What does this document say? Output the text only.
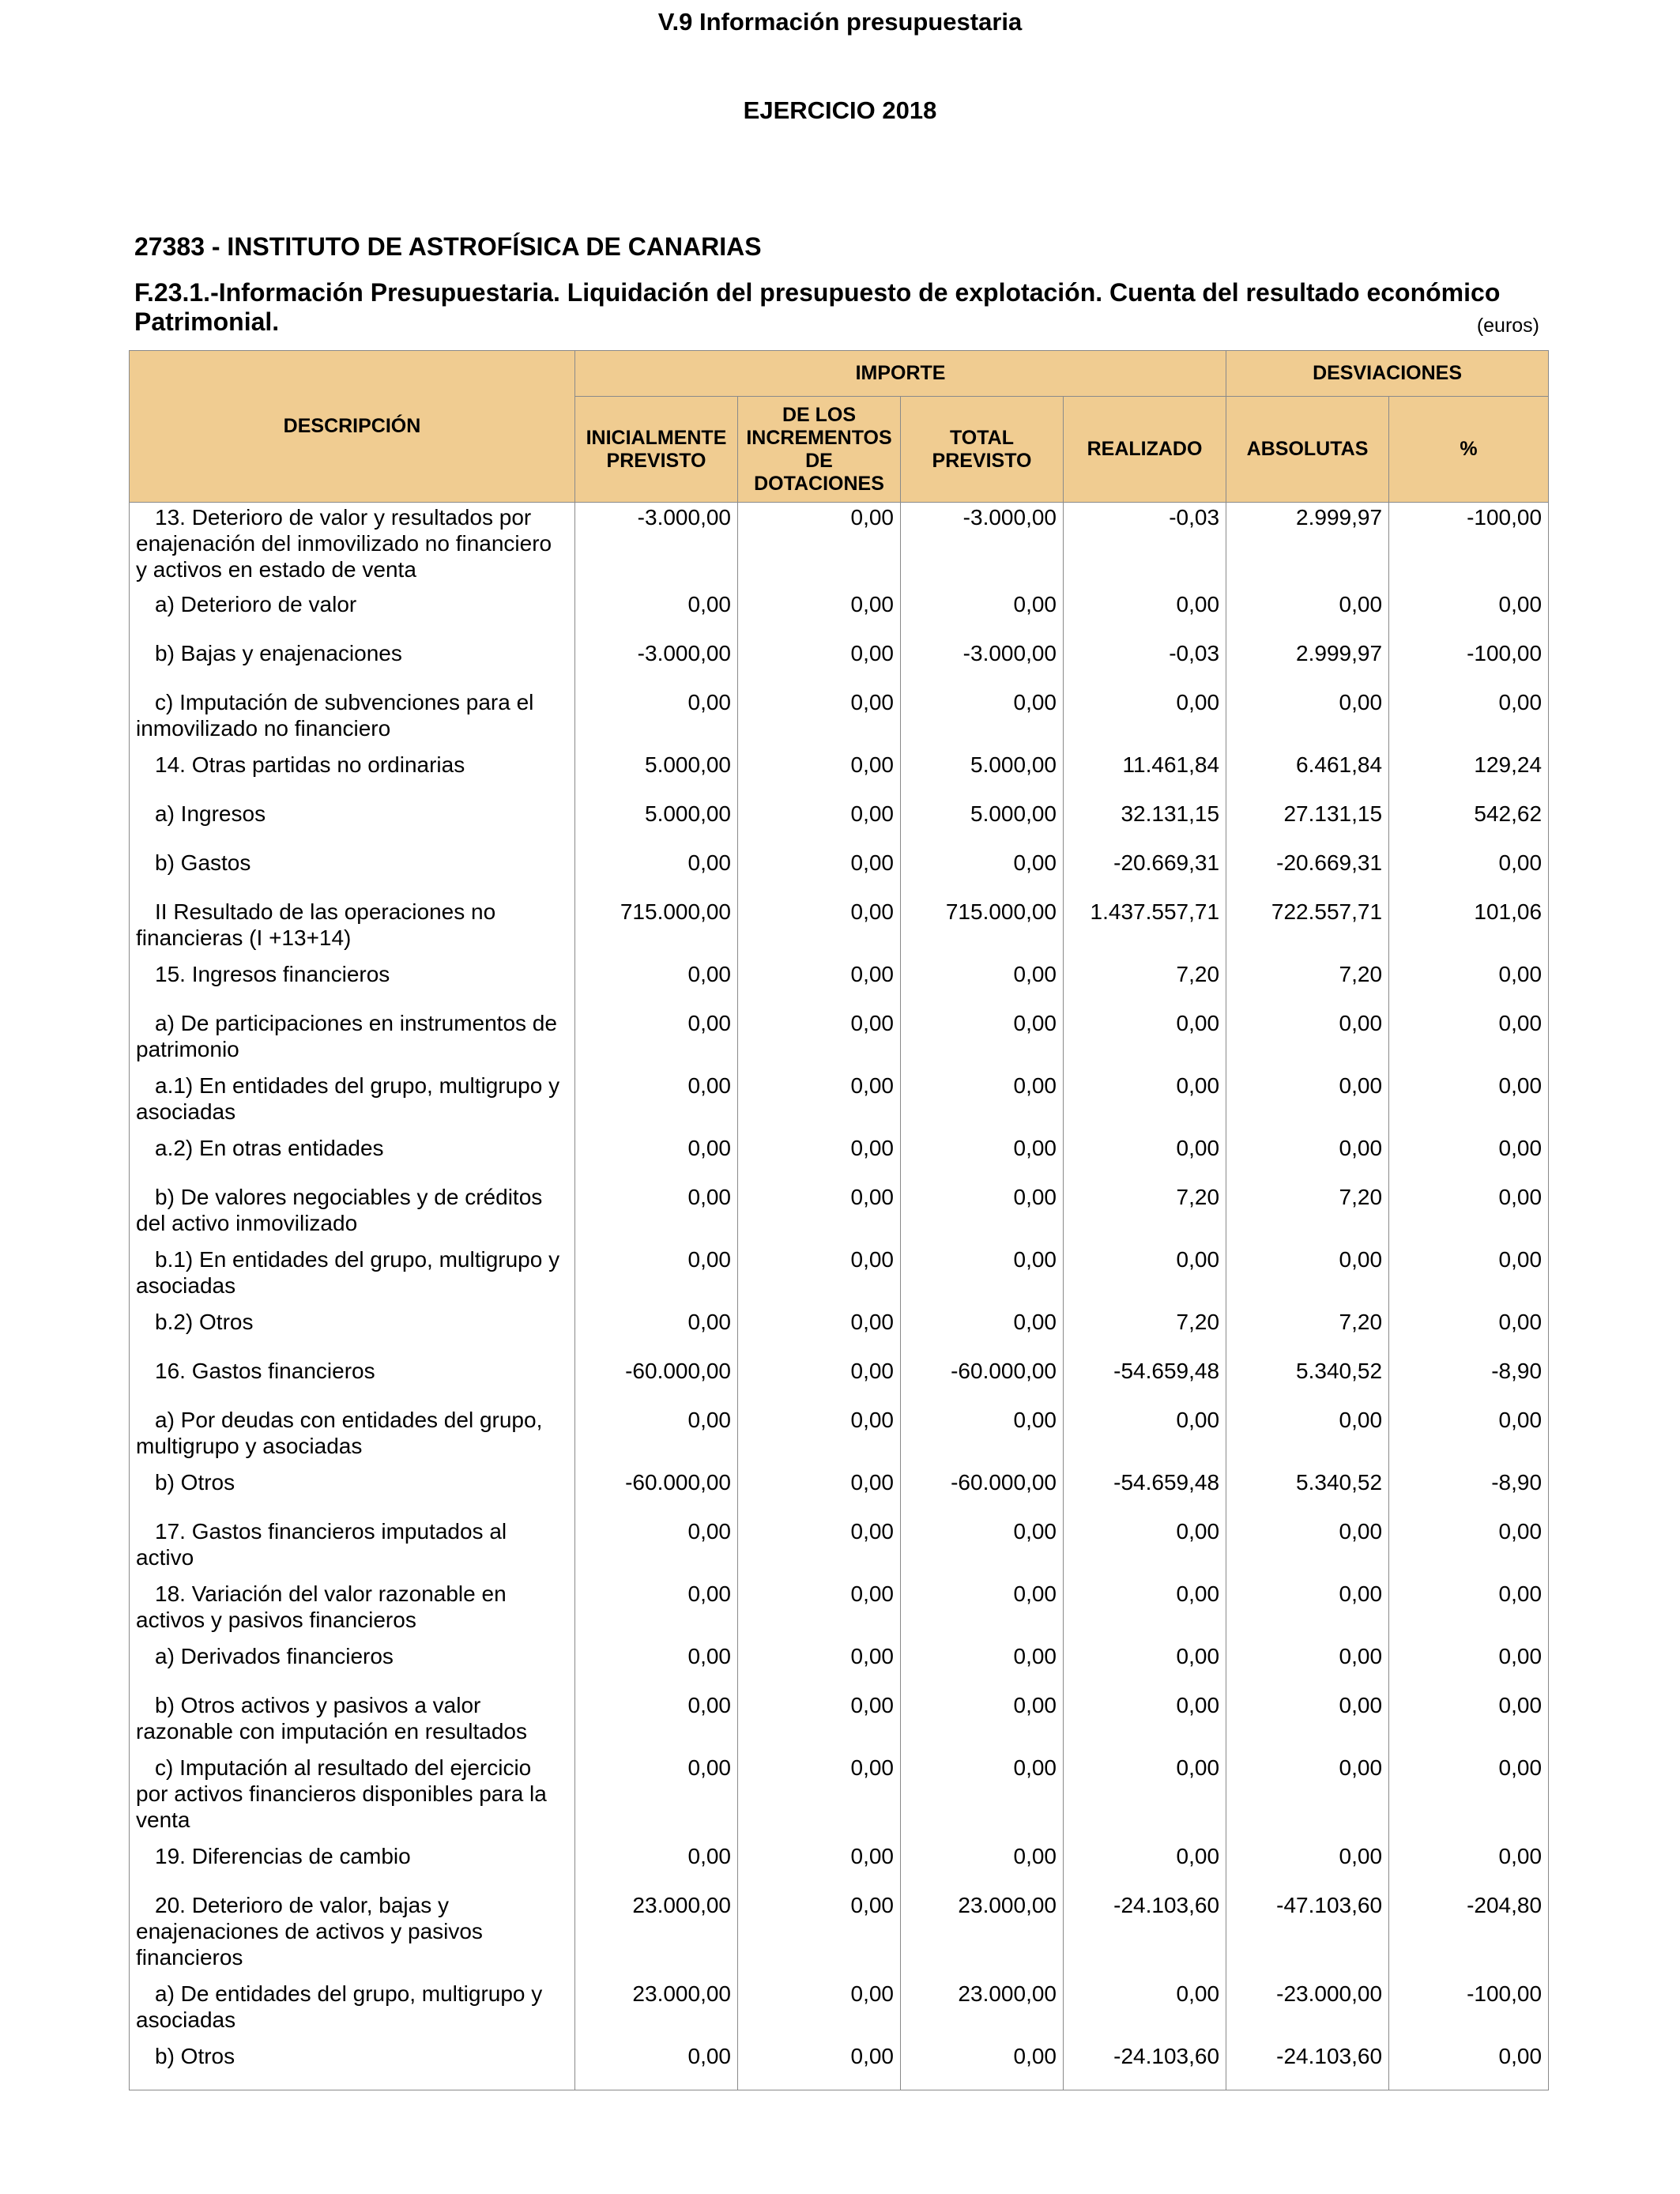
V.9 Información presupuestaria
EJERCICIO 2018
27383 - INSTITUTO DE ASTROFÍSICA DE CANARIAS
F.23.1.-Información Presupuestaria. Liquidación del presupuesto de explotación. Cuenta del resultado económico Patrimonial.	(euros)
DESCRIPCIÓN	IMPORTE				DESVIACIONES	
	INICIALMENTE PREVISTO	DE LOS INCREMENTOS DE DOTACIONES	TOTAL PREVISTO	REALIZADO	ABSOLUTAS	%
13. Deterioro de valor y resultados por enajenación del inmovilizado no financiero y activos en estado de venta	-3.000,00	0,00	-3.000,00	-0,03	2.999,97	-100,00
a) Deterioro de valor	0,00	0,00	0,00	0,00	0,00	0,00
b) Bajas y enajenaciones	-3.000,00	0,00	-3.000,00	-0,03	2.999,97	-100,00
c) Imputación de subvenciones para el inmovilizado no financiero	0,00	0,00	0,00	0,00	0,00	0,00
14. Otras partidas no ordinarias	5.000,00	0,00	5.000,00	11.461,84	6.461,84	129,24
a) Ingresos	5.000,00	0,00	5.000,00	32.131,15	27.131,15	542,62
b) Gastos	0,00	0,00	0,00	-20.669,31	-20.669,31	0,00
II Resultado de las operaciones no financieras (I +13+14)	715.000,00	0,00	715.000,00	1.437.557,71	722.557,71	101,06
15. Ingresos financieros	0,00	0,00	0,00	7,20	7,20	0,00
a) De participaciones en instrumentos de patrimonio	0,00	0,00	0,00	0,00	0,00	0,00
a.1) En entidades del grupo, multigrupo y asociadas	0,00	0,00	0,00	0,00	0,00	0,00
a.2) En otras entidades	0,00	0,00	0,00	0,00	0,00	0,00
b) De valores negociables y de créditos del activo inmovilizado	0,00	0,00	0,00	7,20	7,20	0,00
b.1) En entidades del grupo, multigrupo y asociadas	0,00	0,00	0,00	0,00	0,00	0,00
b.2) Otros	0,00	0,00	0,00	7,20	7,20	0,00
16. Gastos financieros	-60.000,00	0,00	-60.000,00	-54.659,48	5.340,52	-8,90
a) Por deudas con entidades del grupo, multigrupo y asociadas	0,00	0,00	0,00	0,00	0,00	0,00
b) Otros	-60.000,00	0,00	-60.000,00	-54.659,48	5.340,52	-8,90
17. Gastos financieros imputados al activo	0,00	0,00	0,00	0,00	0,00	0,00
18. Variación del valor razonable en activos y pasivos financieros	0,00	0,00	0,00	0,00	0,00	0,00
a) Derivados financieros	0,00	0,00	0,00	0,00	0,00	0,00
b) Otros activos y pasivos a valor razonable con imputación en resultados	0,00	0,00	0,00	0,00	0,00	0,00
c) Imputación al resultado del ejercicio por activos financieros disponibles para la venta	0,00	0,00	0,00	0,00	0,00	0,00
19. Diferencias de cambio	0,00	0,00	0,00	0,00	0,00	0,00
20. Deterioro de valor, bajas y enajenaciones de activos y pasivos financieros	23.000,00	0,00	23.000,00	-24.103,60	-47.103,60	-204,80
a) De entidades del grupo, multigrupo y asociadas	23.000,00	0,00	23.000,00	0,00	-23.000,00	-100,00
b) Otros	0,00	0,00	0,00	-24.103,60	-24.103,60	0,00
